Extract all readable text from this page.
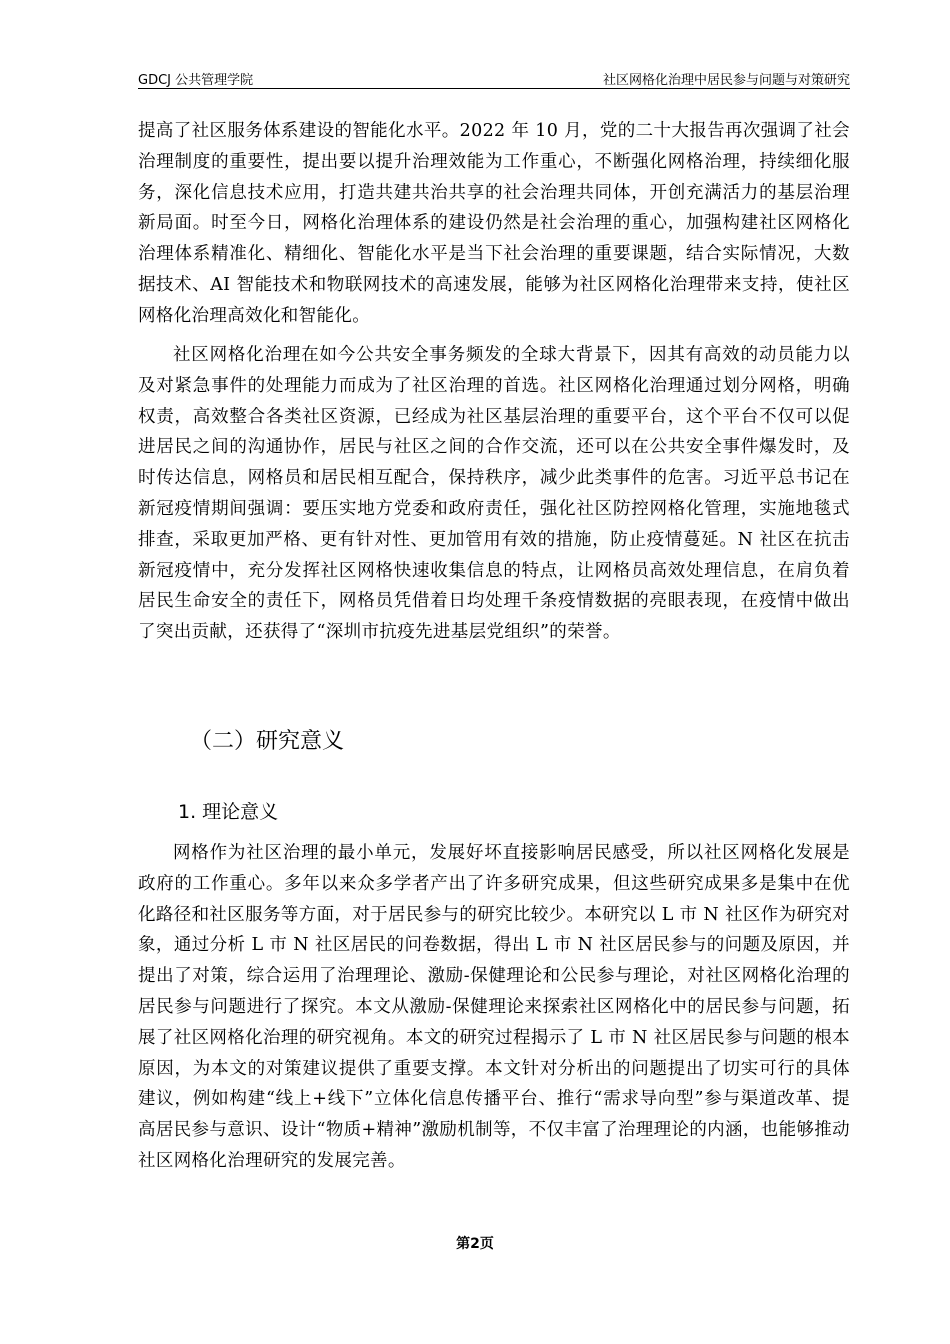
GDCJ 公共管理学院	社区网格化治理中居民参与问题与对策研究

提高了社区服务体系建设的智能化水平。2022 年 10 月，党的二十大报告再次强调了社会治理制度的重要性，提出要以提升治理效能为工作重心，不断强化网格治理，持续细化服务，深化信息技术应用，打造共建共治共享的社会治理共同体，开创充满活力的基层治理新局面。时至今日，网格化治理体系的建设仍然是社会治理的重心，加强构建社区网格化治理体系精准化、精细化、智能化水平是当下社会治理的重要课题，结合实际情况，大数据技术、AI 智能技术和物联网技术的高速发展，能够为社区网格化治理带来支持，使社区网格化治理高效化和智能化。

社区网格化治理在如今公共安全事务频发的全球大背景下，因其有高效的动员能力以及对紧急事件的处理能力而成为了社区治理的首选。社区网格化治理通过划分网格，明确权责，高效整合各类社区资源，已经成为社区基层治理的重要平台，这个平台不仅可以促进居民之间的沟通协作，居民与社区之间的合作交流，还可以在公共安全事件爆发时，及时传达信息，网格员和居民相互配合，保持秩序，减少此类事件的危害。习近平总书记在新冠疫情期间强调：要压实地方党委和政府责任，强化社区防控网格化管理，实施地毯式排查，采取更加严格、更有针对性、更加管用有效的措施，防止疫情蔓延。N 社区在抗击新冠疫情中，充分发挥社区网格快速收集信息的特点，让网格员高效处理信息，在肩负着居民生命安全的责任下，网格员凭借着日均处理千条疫情数据的亮眼表现，在疫情中做出了突出贡献，还获得了“深圳市抗疫先进基层党组织”的荣誉。

（二）研究意义
1. 理论意义

网格作为社区治理的最小单元，发展好坏直接影响居民感受，所以社区网格化发展是政府的工作重心。多年以来众多学者产出了许多研究成果，但这些研究成果多是集中在优化路径和社区服务等方面，对于居民参与的研究比较少。本研究以 L 市 N 社区作为研究对象，通过分析 L 市 N 社区居民的问卷数据，得出 L 市 N 社区居民参与的问题及原因，并提出了对策，综合运用了治理理论、激励-保健理论和公民参与理论，对社区网格化治理的居民参与问题进行了探究。本文从激励-保健理论来探索社区网格化中的居民参与问题，拓展了社区网格化治理的研究视角。本文的研究过程揭示了 L 市 N 社区居民参与问题的根本原因，为本文的对策建议提供了重要支撑。本文针对分析出的问题提出了切实可行的具体建议，例如构建“线上+线下”立体化信息传播平台、推行“需求导向型”参与渠道改革、提高居民参与意识、设计“物质+精神”激励机制等，不仅丰富了治理理论的内涵，也能够推动社区网格化治理研究的发展完善。

第2页
